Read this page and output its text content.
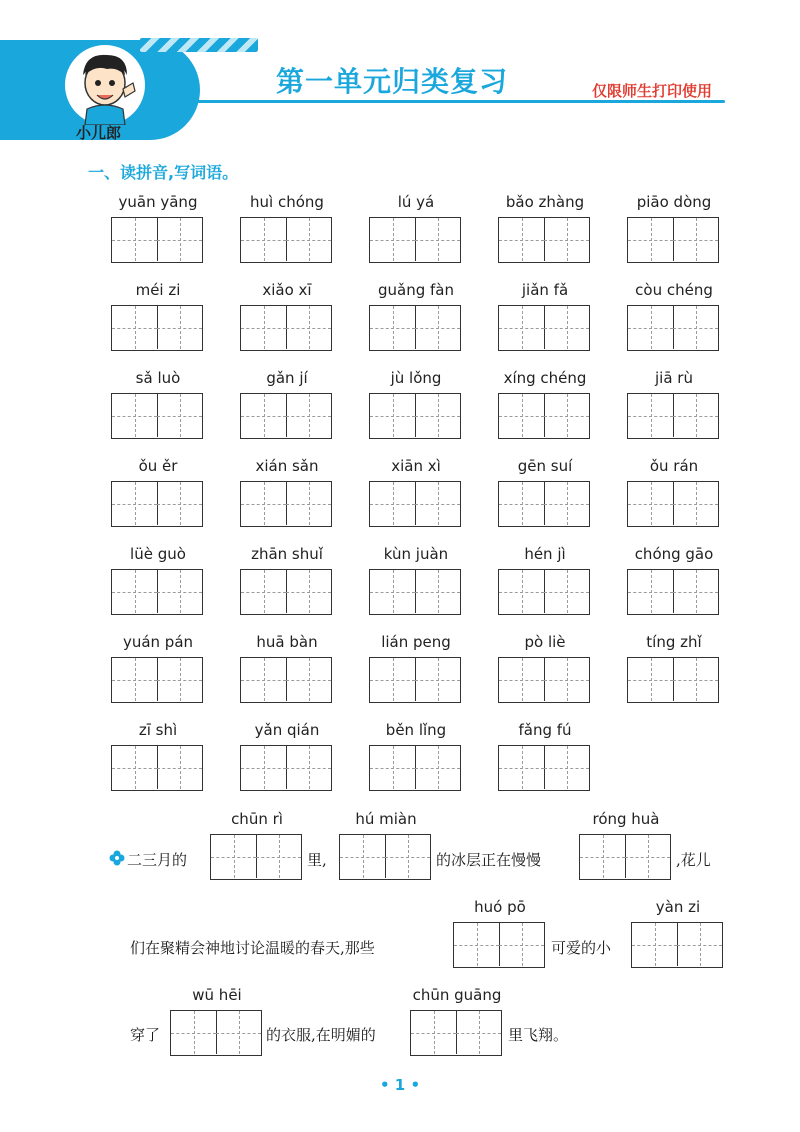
小儿郎
第一单元归类复习	仅限师生打印使用
一、读拼音,写词语。
yuān yāng	huì chóng	lú yá	bǎo zhàng	piāo dòng
méi zi	xiǎo xī	guǎng fàn	jiǎn fǎ	còu chéng
sǎ luò	gǎn jí	jù lǒng	xíng chéng	jiā rù
ǒu ěr	xián sǎn	xiān xì	gēn suí	ǒu rán
lüè guò	zhān shuǐ	kùn juàn	hén jì	chóng gāo
yuán pán	huā bàn	lián peng	pò liè	tíng zhǐ
zī shì	yǎn qián	běn lǐng	fǎng fú
二三月的	里,	的冰层正在慢慢	,花儿
们在聚精会神地讨论温暖的春天,那些	可爱的小
穿了	的衣服,在明媚的	里飞翔。
chūn rì	hú miàn	róng huà
huó pō	yàn zi
wū hēi	chūn guāng
• 1 •
